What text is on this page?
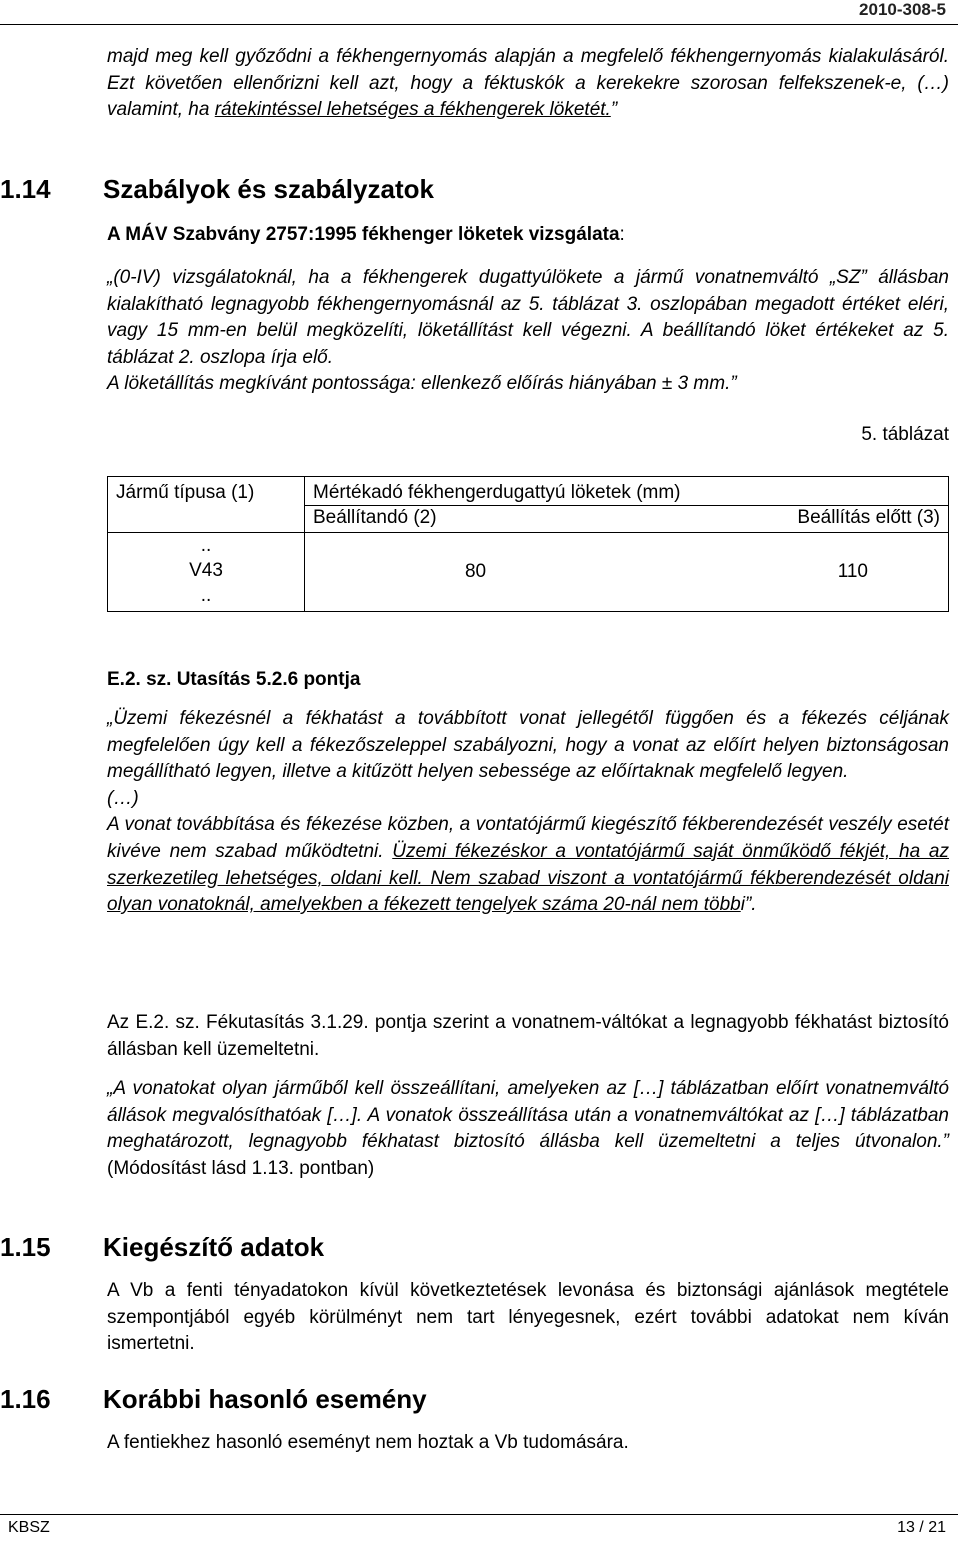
2010-308-5

majd meg kell győződni a fékhengernyomás alapján a megfelelő fékhengernyomás kialakulásáról. Ezt követően ellenőrizni kell azt, hogy a féktuskók a kerekekre szorosan felfekszenek-e, (…) valamint, ha rátekintéssel lehetséges a fékhengerek löketét.”

1.14 Szabályok és szabályzatok

A MÁV Szabvány 2757:1995 fékhenger löketek vizsgálata:

„(0-IV) vizsgálatoknál, ha a fékhengerek dugattyúlökete a jármű vonatnemváltó „SZ” állásban kialakítható legnagyobb fékhengernyomásnál az 5. táblázat 3. oszlopában megadott értéket eléri, vagy 15 mm-en belül megközelíti, löketállítást kell végezni. A beállítandó löket értékeket az 5. táblázat 2. oszlopa írja elő.
A löketállítás megkívánt pontossága: ellenkező előírás hiányában ± 3 mm.”

5. táblázat

Jármű típusa (1)	Mértékadó fékhengerdugattyú löketek (mm)	
	Beállítandó (2)	Beállítás előtt (3)

..
V43
..	80	110

E.2. sz. Utasítás 5.2.6 pontja

„Üzemi fékezésnél a fékhatást a továbbított vonat jellegétől függően és a fékezés céljának megfelelően úgy kell a fékezőszeleppel szabályozni, hogy a vonat az előírt helyen biztonságosan megállítható legyen, illetve a kitűzött helyen sebessége az előírtaknak megfelelő legyen.

(…)

A vonat továbbítása és fékezése közben, a vontatójármű kiegészítő fékberendezését veszély esetét kivéve nem szabad működtetni. Üzemi fékezéskor a vontatójármű saját önműködő fékjét, ha az szerkezetileg lehetséges, oldani kell. Nem szabad viszont a vontatójármű fékberendezését oldani olyan vonatoknál, amelyekben a fékezett tengelyek száma 20-nál nem többi”.

Az E.2. sz. Fékutasítás 3.1.29. pontja szerint a vonatnem-váltókat a legnagyobb fékhatást biztosító állásban kell üzemeltetni.

„A vonatokat olyan járműből kell összeállítani, amelyeken az […] táblázatban előírt vonatnemváltó állások megvalósíthatóak […]. A vonatok összeállítása után a vonatnemváltókat az […] táblázatban meghatározott, legnagyobb fékhatast biztosító állásba kell üzemeltetni a teljes útvonalon.” (Módosítást lásd 1.13. pontban)

1.15 Kiegészítő adatok

A Vb a fenti tényadatokon kívül következtetések levonása és biztonsági ajánlások megtétele szempontjából egyéb körülményt nem tart lényegesnek, ezért további adatokat nem kíván ismertetni.

1.16 Korábbi hasonló esemény

A fentiekhez hasonló eseményt nem hoztak a Vb tudomására.

KBSZ	13 / 21
